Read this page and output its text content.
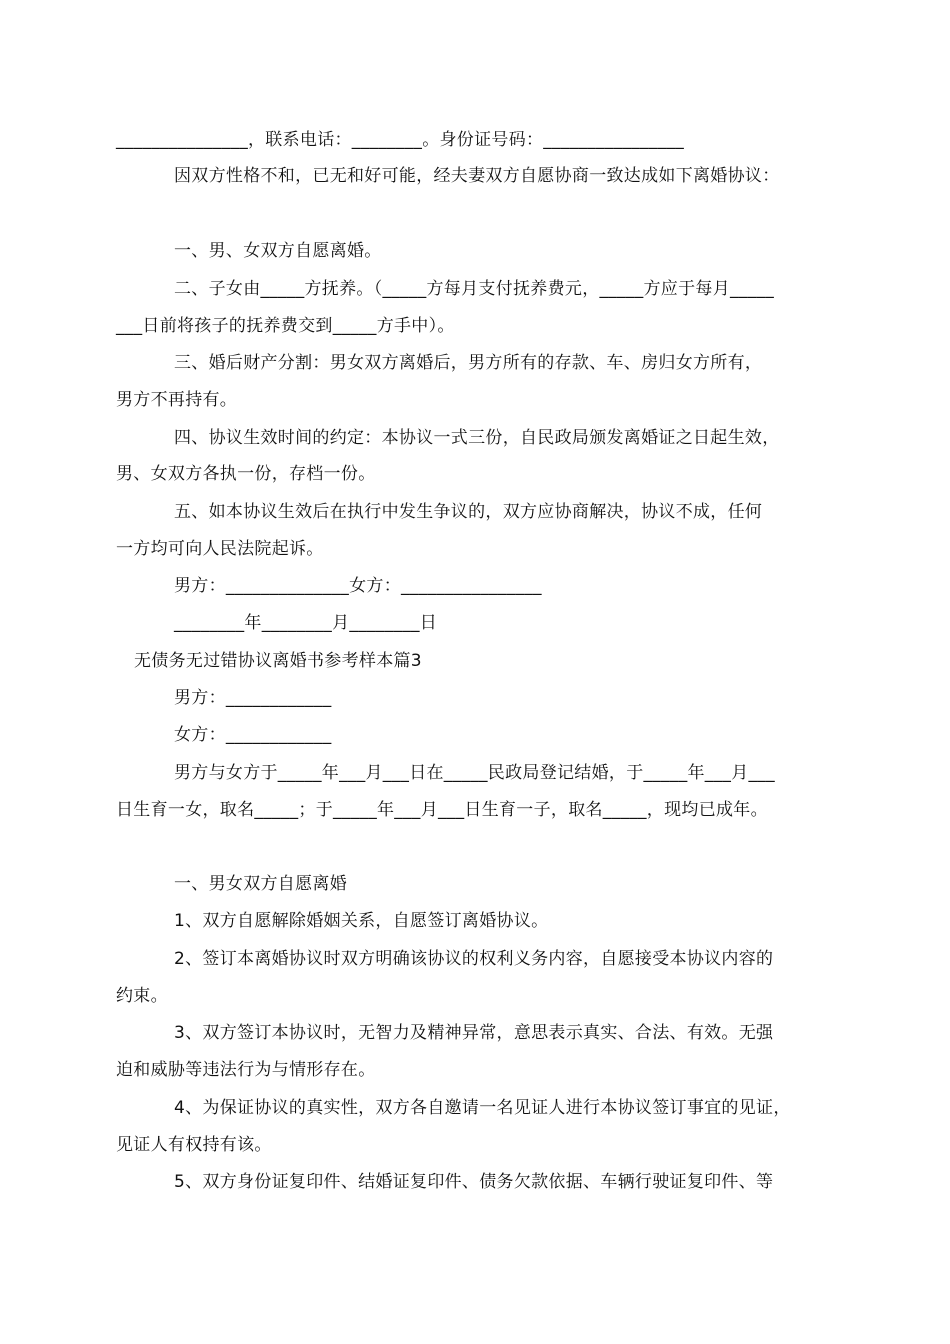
_______________，联系电话：________。身份证号码：________________
因双方性格不和，已无和好可能，经夫妻双方自愿协商一致达成如下离婚协议：
一、男、女双方自愿离婚。
二、子女由_____方抚养。（_____方每月支付抚养费元，_____方应于每月_____
___日前将孩子的抚养费交到_____方手中）。
三、婚后财产分割：男女双方离婚后，男方所有的存款、车、房归女方所有，
男方不再持有。
四、协议生效时间的约定：本协议一式三份，自民政局颁发离婚证之日起生效，
男、女双方各执一份，存档一份。
五、如本协议生效后在执行中发生争议的，双方应协商解决，协议不成，任何
一方均可向人民法院起诉。
男方：______________女方：________________
________年________月________日
无债务无过错协议离婚书参考样本篇3
男方：____________
女方：____________
男方与女方于_____年___月___日在_____民政局登记结婚，于_____年___月___
日生育一女，取名_____；于_____年___月___日生育一子，取名_____，现均已成年。
一、男女双方自愿离婚
1、双方自愿解除婚姻关系，自愿签订离婚协议。
2、签订本离婚协议时双方明确该协议的权利义务内容，自愿接受本协议内容的
约束。
3、双方签订本协议时，无智力及精神异常，意思表示真实、合法、有效。无强
迫和威胁等违法行为与情形存在。
4、为保证协议的真实性，双方各自邀请一名见证人进行本协议签订事宜的见证，
见证人有权持有该。
5、双方身份证复印件、结婚证复印件、债务欠款依据、车辆行驶证复印件、等
